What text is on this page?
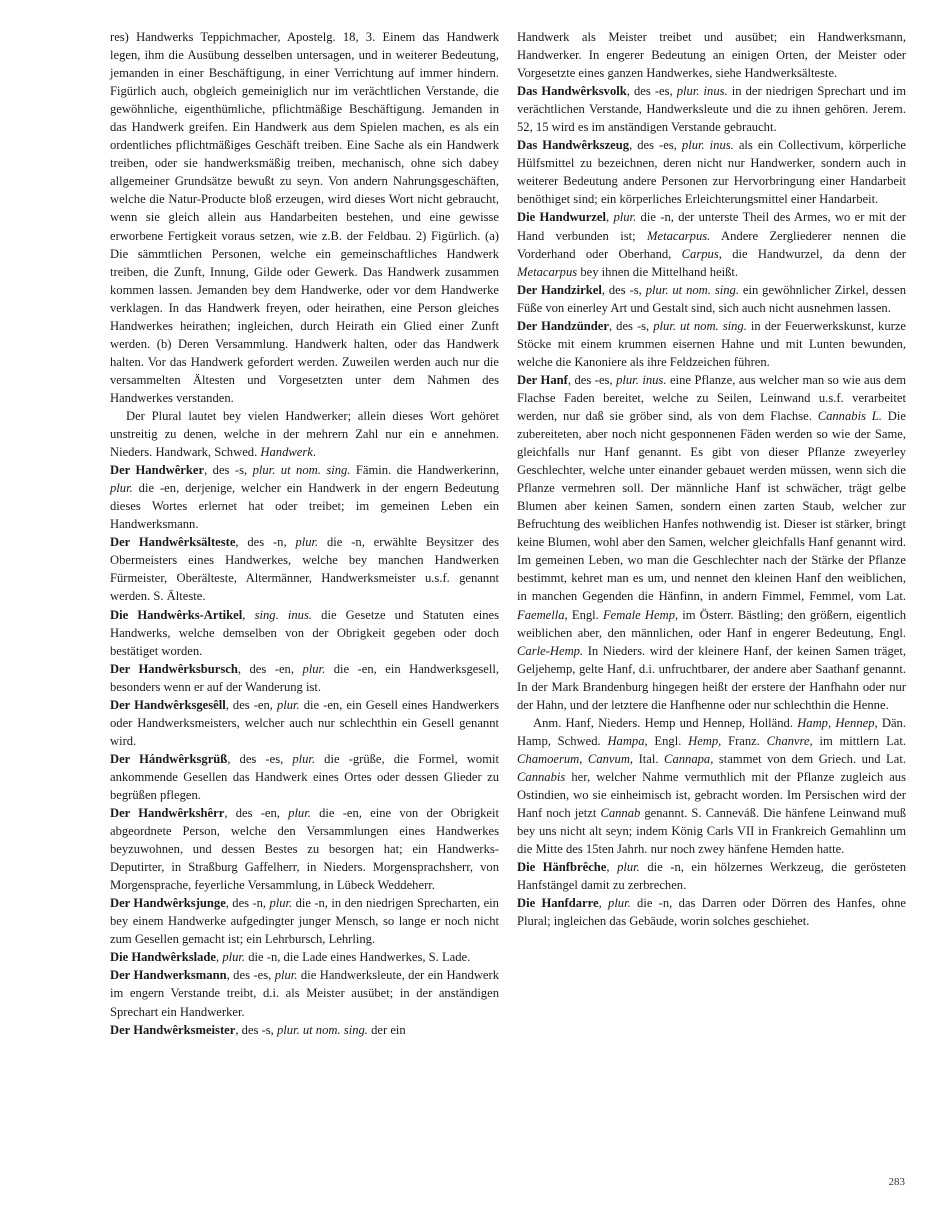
res) Handwerks Teppichmacher, Apostelg. 18, 3. Einem das Handwerk legen, ihm die Ausübung desselben untersagen, und in weiterer Bedeutung, jemanden in einer Beschäftigung, in einer Verrichtung auf immer hindern. Figürlich auch, obgleich gemeiniglich nur im verächtlichen Verstande, die gewöhnliche, eigenthümliche, pflichtmäßige Beschäftigung. Jemanden in das Handwerk greifen. Ein Handwerk aus dem Spielen machen, es als ein ordentliches pflichtmäßiges Geschäft treiben. Eine Sache als ein Handwerk treiben, oder sie handwerksmäßig treiben, mechanisch, ohne sich dabey allgemeiner Grundsätze bewußt zu seyn. Von andern Nahrungsgeschäften, welche die Natur-Producte bloß erzeugen, wird dieses Wort nicht gebraucht, wenn sie gleich allein aus Handarbeiten bestehen, und eine gewisse erworbene Fertigkeit voraus setzen, wie z.B. der Feldbau. 2) Figürlich. (a) Die sämmtlichen Personen, welche ein gemeinschaftliches Handwerk treiben, die Zunft, Innung, Gilde oder Gewerk. Das Handwerk zusammen kommen lassen. Jemanden bey dem Handwerke, oder vor dem Handwerke verklagen. In das Handwerk freyen, oder heirathen, eine Person gleiches Handwerkes heirathen; ingleichen, durch Heirath ein Glied einer Zunft werden. (b) Deren Versammlung. Handwerk halten, oder das Handwerk halten. Vor das Handwerk gefordert werden. Zuweilen werden auch nur die versammelten Ältesten und Vorgesetzten unter dem Nahmen des Handwerkes verstanden.

Der Plural lautet bey vielen Handwerker; allein dieses Wort gehöret unstreitig zu denen, welche in der mehrern Zahl nur ein e annehmen. Nieders. Handwark, Schwed. Handwerk.

Der Handwêrker, des -s, plur. ut nom. sing. Fämin. die Handwerkerinn, plur. die -en, derjenige, welcher ein Handwerk in der engern Bedeutung dieses Wortes erlernet hat oder treibet; im gemeinen Leben ein Handwerksmann.

Der Handwêrksälteste, des -n, plur. die -n, erwählte Beysitzer des Obermeisters eines Handwerkes, welche bey manchen Handwerken Fürmeister, Oberälteste, Altermänner, Handwerksmeister u.s.f. genannt werden. S. Älteste.

Die Handwêrks-Artikel, sing. inus. die Gesetze und Statuten eines Handwerks, welche demselben von der Obrigkeit gegeben oder doch bestätiget worden.

Der Handwêrksbursch, des -en, plur. die -en, ein Handwerksgesell, besonders wenn er auf der Wanderung ist.

Der Handwêrksgesêll, des -en, plur. die -en, ein Gesell eines Handwerkers oder Handwerksmeisters, welcher auch nur schlechthin ein Gesell genannt wird.

Der Hándwêrksgrüß, des -es, plur. die -grüße, die Formel, womit ankommende Gesellen das Handwerk eines Ortes oder dessen Glieder zu begrüßen pflegen.

Der Handwêrkshêrr, des -en, plur. die -en, eine von der Obrigkeit abgeordnete Person, welche den Versammlungen eines Handwerkes beyzuwohnen, und dessen Bestes zu besorgen hat; ein Handwerks-Deputirter, in Straßburg Gaffelherr, in Nieders. Morgensprachsherr, von Morgensprache, feyerliche Versammlung, in Lübeck Weddeherr.

Der Handwêrksjunge, des -n, plur. die -n, in den niedrigen Sprecharten, ein bey einem Handwerke aufgedingter junger Mensch, so lange er noch nicht zum Gesellen gemacht ist; ein Lehrbursch, Lehrling.

Die Handwêrkslade, plur. die -n, die Lade eines Handwerkes, S. Lade.

Der Handwerksmann, des -es, plur. die Handwerksleute, der ein Handwerk im engern Verstande treibt, d.i. als Meister ausübet; in der anständigen Sprechart ein Handwerker.

Der Handwêrksmeister, des -s, plur. ut nom. sing. der ein

Handwerk als Meister treibet und ausübet; ein Handwerksmann, Handwerker. In engerer Bedeutung an einigen Orten, der Meister oder Vorgesetzte eines ganzen Handwerkes, siehe Handwerksälteste.

Das Handwêrksvolk, des -es, plur. inus. in der niedrigen Sprechart und im verächtlichen Verstande, Handwerksleute und die zu ihnen gehören. Jerem. 52, 15 wird es im anständigen Verstande gebraucht.

Das Handwêrkszeug, des -es, plur. inus. als ein Collectivum, körperliche Hülfsmittel zu bezeichnen, deren nicht nur Handwerker, sondern auch in weiterer Bedeutung andere Personen zur Hervorbringung einer Handarbeit benöthiget sind; ein körperliches Erleichterungsmittel einer Handarbeit.

Die Handwurzel, plur. die -n, der unterste Theil des Armes, wo er mit der Hand verbunden ist; Metacarpus. Andere Zergliederer nennen die Vorderhand oder Oberhand, Carpus, die Handwurzel, da denn der Metacarpus bey ihnen die Mittelhand heißt.

Der Handzirkel, des -s, plur. ut nom. sing. ein gewöhnlicher Zirkel, dessen Füße von einerley Art und Gestalt sind, sich auch nicht ausnehmen lassen.

Der Handzünder, des -s, plur. ut nom. sing. in der Feuerwerkskunst, kurze Stöcke mit einem krummen eisernen Hahne und mit Lunten bewunden, welche die Kanoniere als ihre Feldzeichen führen.

Der Hanf, des -es, plur. inus. eine Pflanze, aus welcher man so wie aus dem Flachse Faden bereitet, welche zu Seilen, Leinwand u.s.f. verarbeitet werden, nur daß sie gröber sind, als von dem Flachse. Cannabis L. Die zubereiteten, aber noch nicht gesponnenen Fäden werden so wie der Same, gleichfalls nur Hanf genannt. Es gibt von dieser Pflanze zweyerley Geschlechter, welche unter einander gebauet werden müssen, wenn sich die Pflanze vermehren soll. Der männliche Hanf ist schwächer, trägt gelbe Blumen aber keinen Samen, sondern einen zarten Staub, welcher zur Befruchtung des weiblichen Hanfes nothwendig ist. Dieser ist stärker, bringt keine Blumen, wohl aber den Samen, welcher gleichfalls Hanf genannt wird. Im gemeinen Leben, wo man die Geschlechter nach der Stärke der Pflanze bestimmt, kehret man es um, und nennet den kleinen Hanf den weiblichen, in manchen Gegenden die Hänfinn, in andern Fimmel, Femmel, vom Lat. Faemella, Engl. Female Hemp, im Österr. Bästling; den größern, eigentlich weiblichen aber, den männlichen, oder Hanf in engerer Bedeutung, Engl. Carle-Hemp. In Nieders. wird der kleinere Hanf, der keinen Samen träget, Geljehemp, gelte Hanf, d.i. unfruchtbarer, der andere aber Saathanf genannt. In der Mark Brandenburg hingegen heißt der erstere der Hanfhahn oder nur der Hahn, und der letztere die Hanfhenne oder nur schlechthin die Henne.

Anm. Hanf, Nieders. Hemp und Hennep, Holländ. Hamp, Hennep, Dän. Hamp, Schwed. Hampa, Engl. Hemp, Franz. Chanvre, im mittlern Lat. Chamoerum, Canvum, Ital. Cannapa, stammet von dem Griech. und Lat. Cannabis her, welcher Nahme vermuthlich mit der Pflanze zugleich aus Ostindien, wo sie einheimisch ist, gebracht worden. Im Persischen wird der Hanf noch jetzt Cannab genannt. S. Canneváß. Die hänfene Leinwand muß bey uns nicht alt seyn; indem König Carls VII in Frankreich Gemahlinn um die Mitte des 15ten Jahrh. nur noch zwey hänfene Hemden hatte.

Die Hänfbrêche, plur. die -n, ein hölzernes Werkzeug, die gerösteten Hanfstängel damit zu zerbrechen.

Die Hanfdarre, plur. die -n, das Darren oder Dörren des Hanfes, ohne Plural; ingleichen das Gebäude, worin solches geschiehet.

283
